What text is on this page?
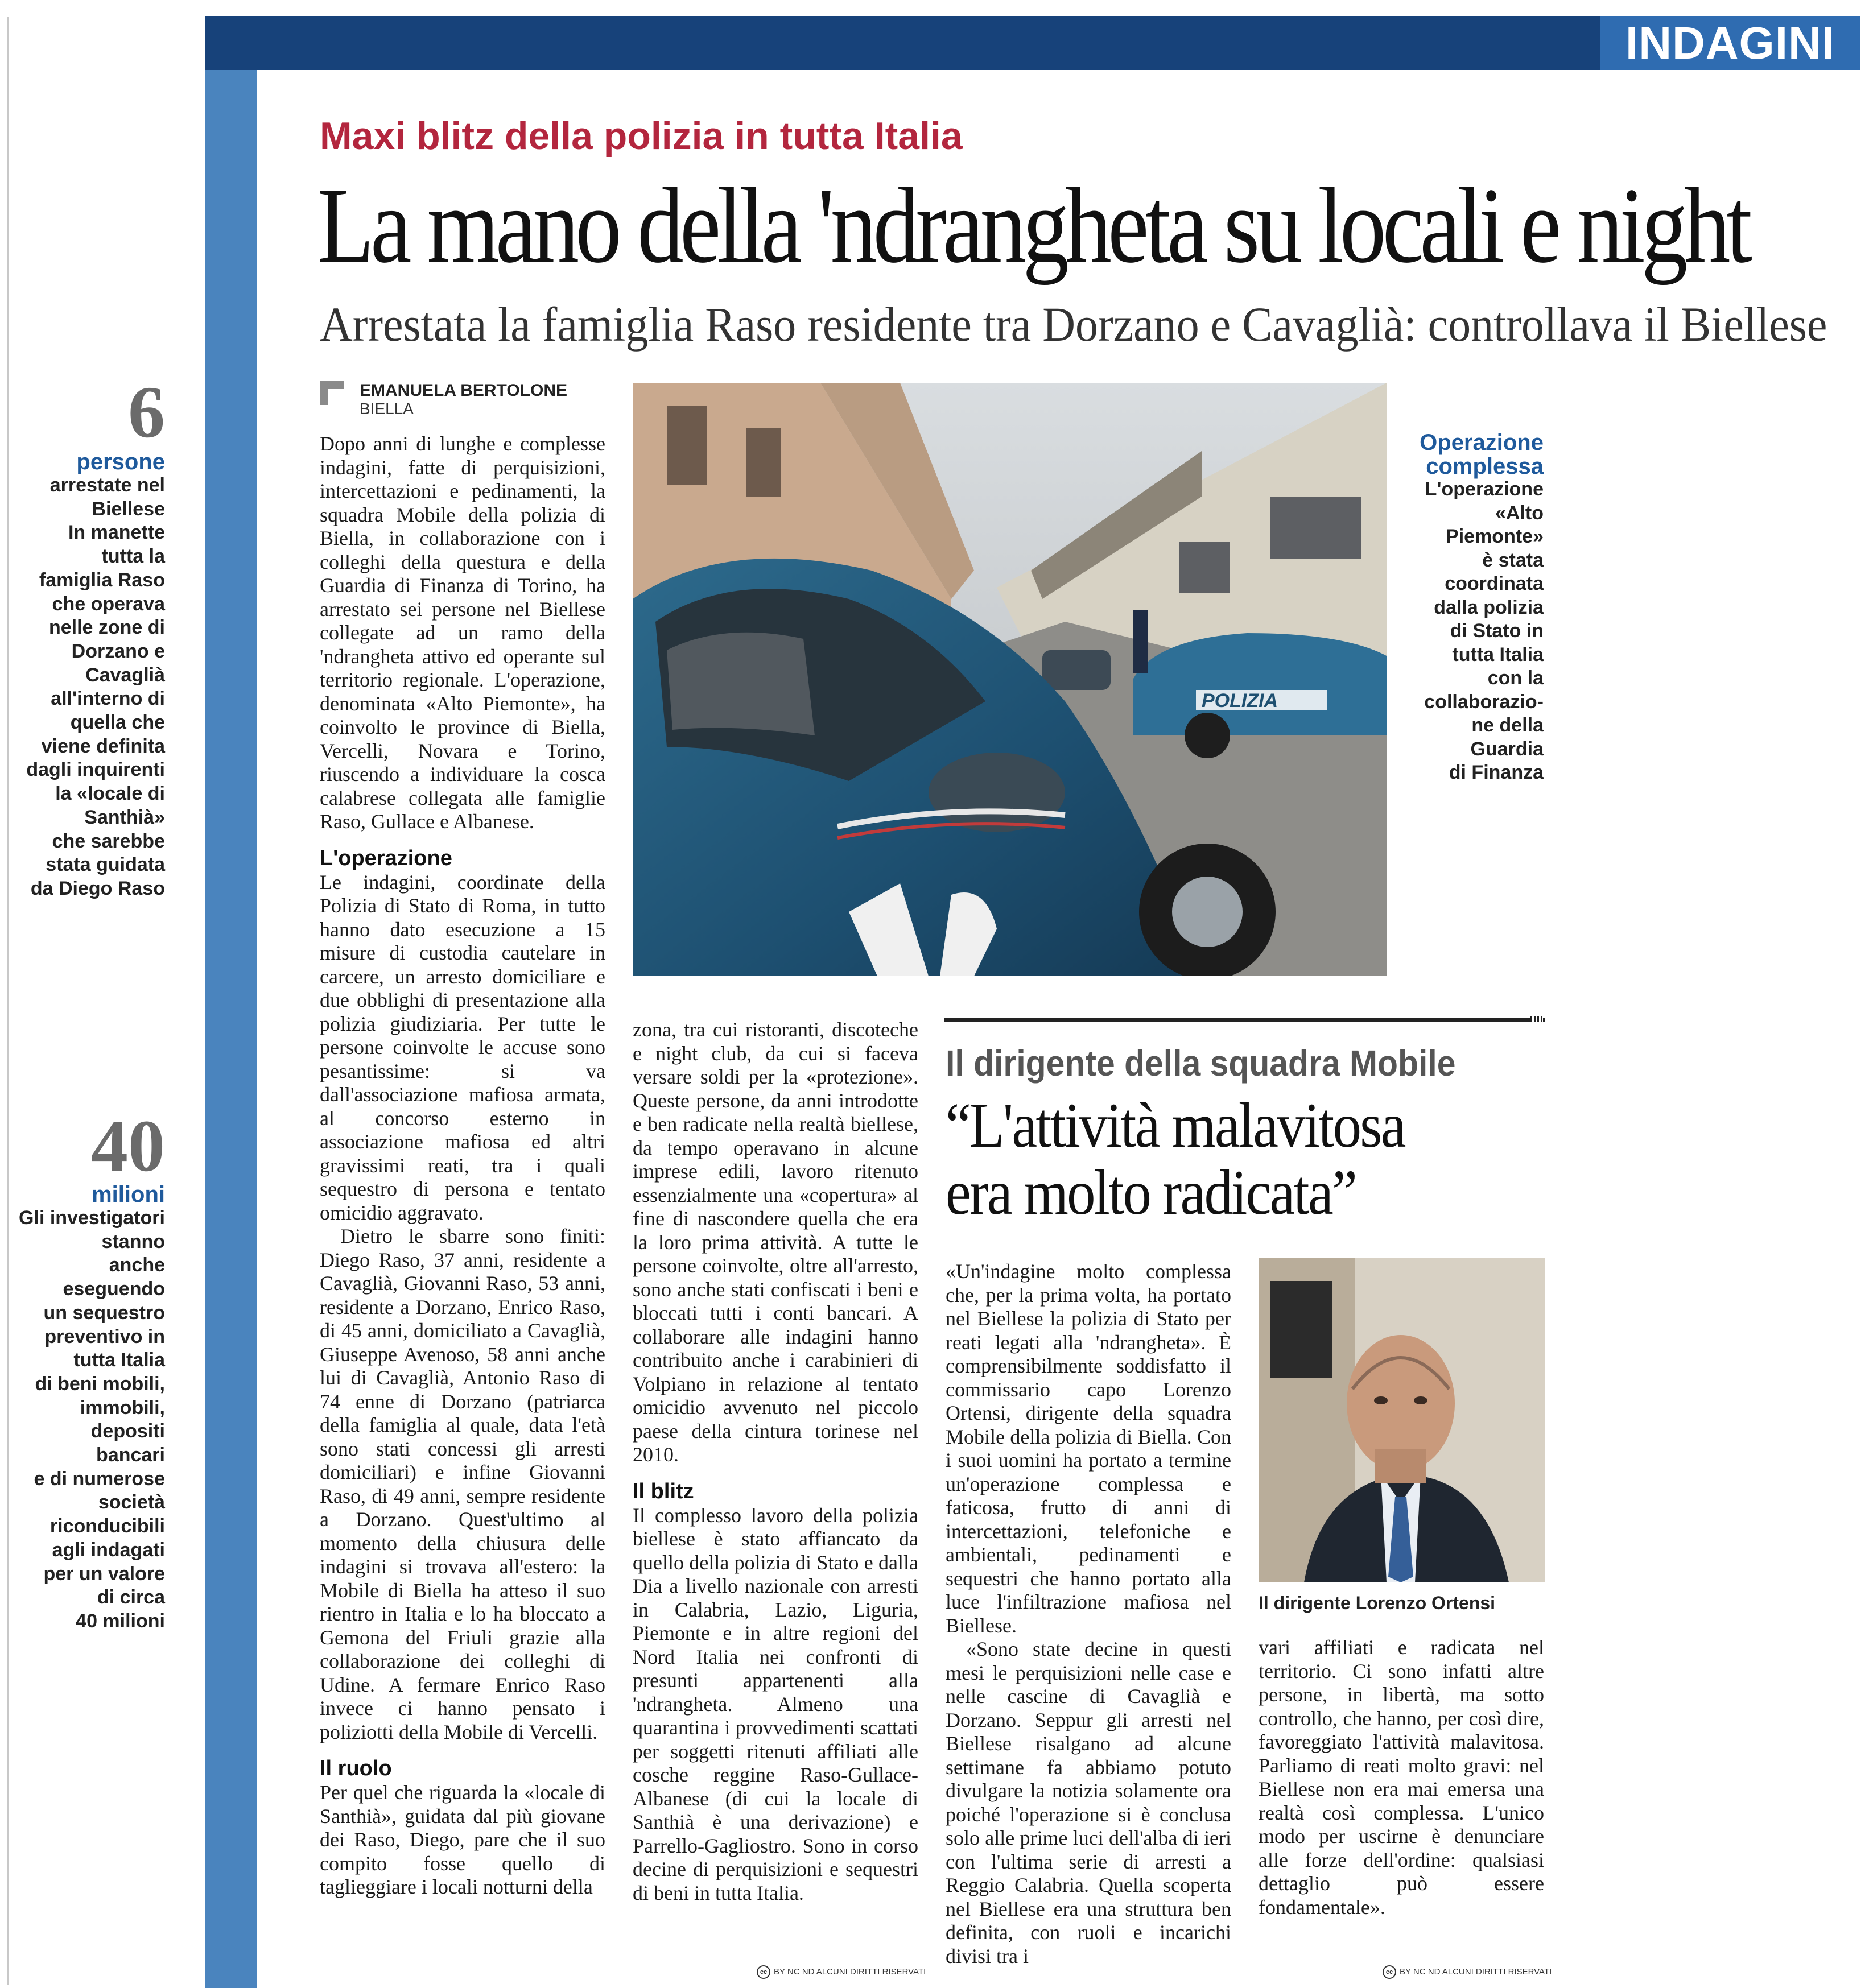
INDAGINI
Maxi blitz della polizia in tutta Italia
La mano della 'ndrangheta su locali e night
Arrestata la famiglia Raso residente tra Dorzano e Cavaglià: controllava il Biellese
6
persone
arrestate nel
Biellese
In manette
tutta la
famiglia Raso
che operava
nelle zone di
Dorzano e
Cavaglià
all'interno di
quella che
viene definita
dagli inquirenti
la «locale di
Santhià»
che sarebbe
stata guidata
da Diego Raso
40
milioni
Gli investigatori
stanno
anche
eseguendo
un sequestro
preventivo in
tutta Italia
di beni mobili,
immobili,
depositi
bancari
e di numerose
società
riconducibili
agli indagati
per un valore
di circa
40 milioni
EMANUELA BERTOLONE
BIELLA
Dopo anni di lunghe e complesse indagini, fatte di perquisizioni, intercettazioni e pedinamenti, la squadra Mobile della polizia di Biella, in collaborazione con i colleghi della questura e della Guardia di Finanza di Torino, ha arrestato sei persone nel Biellese collegate ad un ramo della 'ndrangheta attivo ed operante sul territorio regionale. L'operazione, denominata «Alto Piemonte», ha coinvolto le province di Biella, Vercelli, Novara e Torino, riuscendo a individuare la cosca calabrese collegata alle famiglie Raso, Gullace e Albanese.
L'operazione
Le indagini, coordinate della Polizia di Stato di Roma, in tutto hanno dato esecuzione a 15 misure di custodia cautelare in carcere, un arresto domiciliare e due obblighi di presentazione alla polizia giudiziaria. Per tutte le persone coinvolte le accuse sono pesantissime: si va dall'associazione mafiosa armata, al concorso esterno in associazione mafiosa ed altri gravissimi reati, tra i quali sequestro di persona e tentato omicidio aggravato.
Dietro le sbarre sono finiti: Diego Raso, 37 anni, residente a Cavaglià, Giovanni Raso, 53 anni, residente a Dorzano, Enrico Raso, di 45 anni, domiciliato a Cavaglià, Giuseppe Avenoso, 58 anni anche lui di Cavaglià, Antonio Raso di 74 enne di Dorzano (patriarca della famiglia al quale, data l'età sono stati concessi gli arresti domiciliari) e infine Giovanni Raso, di 49 anni, sempre residente a Dorzano. Quest'ultimo al momento della chiusura delle indagini si trovava all'estero: la Mobile di Biella ha atteso il suo rientro in Italia e lo ha bloccato a Gemona del Friuli grazie alla collaborazione dei colleghi di Udine. A fermare Enrico Raso invece ci hanno pensato i poliziotti della Mobile di Vercelli.
Il ruolo
Per quel che riguarda la «locale di Santhià», guidata dal più giovane dei Raso, Diego, pare che il suo compito fosse quello di taglieggiare i locali notturni della
POLIZIA
Operazione complessa
L'operazione
«Alto
Piemonte»
è stata
coordinata
dalla polizia
di Stato in
tutta Italia
con la
collaborazio-
ne della
Guardia
di Finanza
zona, tra cui ristoranti, discoteche e night club, da cui si faceva versare soldi per la «protezione». Queste persone, da anni introdotte e ben radicate nella realtà biellese, da tempo operavano in alcune imprese edili, lavoro ritenuto essenzialmente una «copertura» al fine di nascondere quella che era la loro prima attività. A tutte le persone coinvolte, oltre all'arresto, sono anche stati confiscati i beni e bloccati tutti i conti bancari. A collaborare alle indagini hanno contribuito anche i carabinieri di Volpiano in relazione al tentato omicidio avvenuto nel piccolo paese della cintura torinese nel 2010.
Il blitz
Il complesso lavoro della polizia biellese è stato affiancato da quello della polizia di Stato e dalla Dia a livello nazionale con arresti in Calabria, Lazio, Liguria, Piemonte e in altre regioni del Nord Italia nei confronti di presunti appartenenti alla 'ndrangheta. Almeno una quarantina i provvedimenti scattati per soggetti ritenuti affiliati alle cosche reggine Raso-Gullace-Albanese (di cui la locale di Santhià è una derivazione) e Parrello-Gagliostro. Sono in corso decine di perquisizioni e sequestri di beni in tutta Italia.
cc BY NC ND ALCUNI DIRITTI RISERVATI
Il dirigente della squadra Mobile
“L'attività malavitosa
era molto radicata”
«Un'indagine molto complessa che, per la prima volta, ha portato nel Biellese la polizia di Stato per reati legati alla 'ndrangheta». È comprensibilmente soddisfatto il commissario capo Lorenzo Ortensi, dirigente della squadra Mobile della polizia di Biella. Con i suoi uomini ha portato a termine un'operazione complessa e faticosa, frutto di anni di intercettazioni, telefoniche e ambientali, pedinamenti e sequestri che hanno portato alla luce l'infiltrazione mafiosa nel Biellese.
«Sono state decine in questi mesi le perquisizioni nelle case e nelle cascine di Cavaglià e Dorzano. Seppur gli arresti nel Biellese risalgano ad alcune settimane fa abbiamo potuto divulgare la notizia solamente ora poiché l'operazione si è conclusa solo alle prime luci dell'alba di ieri con l'ultima serie di arresti a Reggio Calabria. Quella scoperta nel Biellese era una struttura ben definita, con ruoli e incarichi divisi tra i
Il dirigente Lorenzo Ortensi
vari affiliati e radicata nel territorio. Ci sono infatti altre persone, in libertà, ma sotto controllo, che hanno, per così dire, favoreggiato l'attività malavitosa. Parliamo di reati molto gravi: nel Biellese non era mai emersa una realtà così complessa. L'unico modo per uscirne è denunciare alle forze dell'ordine: qualsiasi dettaglio può essere fondamentale».
cc BY NC ND ALCUNI DIRITTI RISERVATI
